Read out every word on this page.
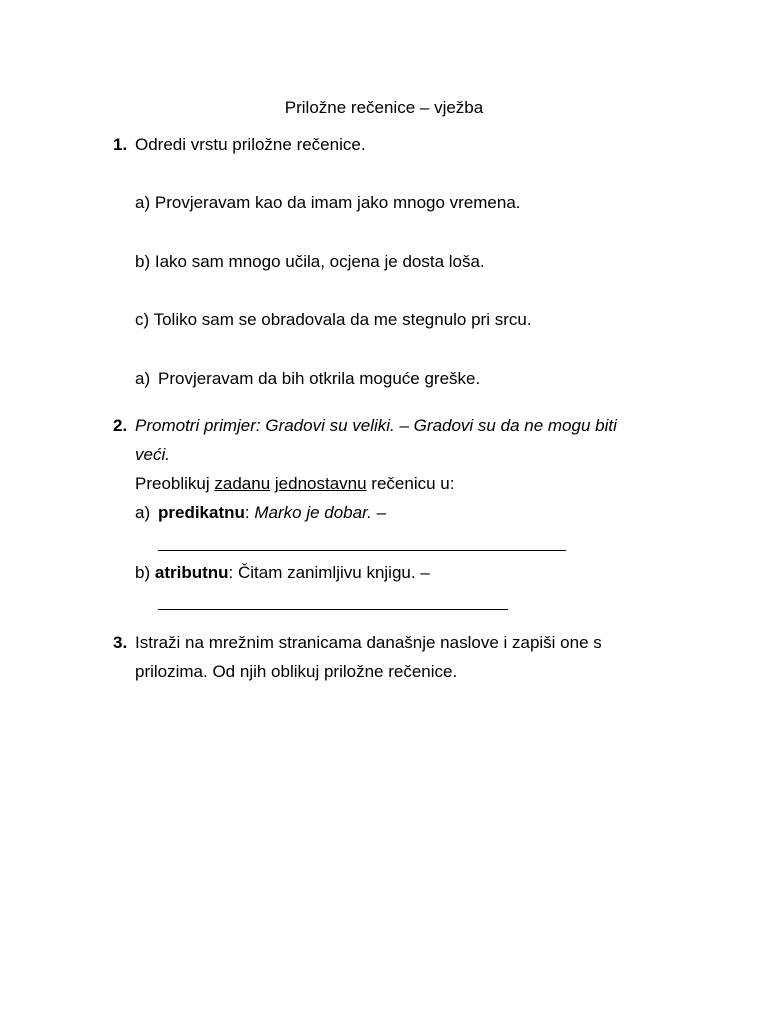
Priložne rečenice – vježba
1. Odredi vrstu priložne rečenice.
a) Provjeravam kao da imam jako mnogo vremena.
b) Iako sam mnogo učila, ocjena je dosta loša.
c) Toliko sam se obradovala da me stegnulo pri srcu.
a) Provjeravam da bih otkrila moguće greške.
2. Promotri primjer: Gradovi su veliki. – Gradovi su da ne mogu biti
veći.
Preoblikuj zadanu jednostavnu rečenicu u:
a) predikatnu: Marko je dobar. –
b) atributnu: Čitam zanimljivu knjigu. –
3. Istraži na mrežnim stranicama današnje naslove i zapiši one s
prilozima. Od njih oblikuj priložne rečenice.
